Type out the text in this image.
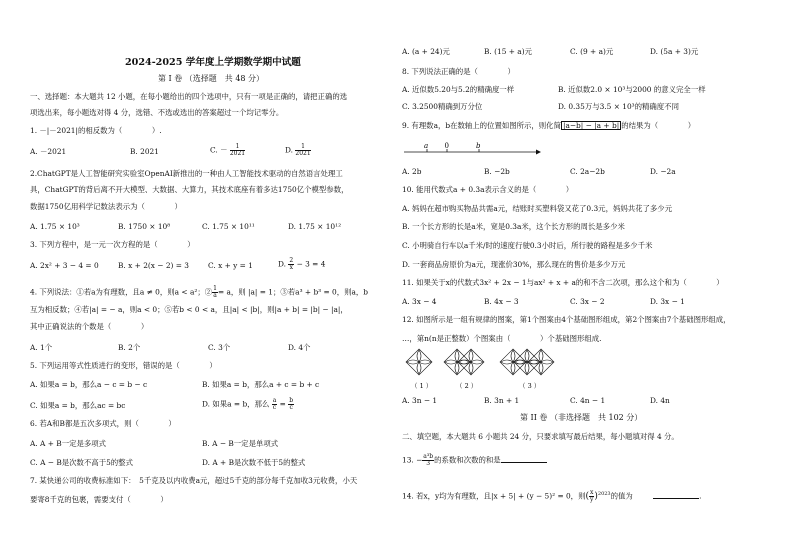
2024-2025 学年度上学期数学期中试题
第 I 卷 （选择题　共 48 分）
一、选择题：本大题共 12 小题，在每小题给出的四个选项中，只有一项是正确的，请把正确的选
项选出来，每小题选对得 4 分，选错、不选或选出的答案超过一个均记零分。
1. －|－2021|的相反数为（　　　　）.
A. －2021	B. 2021	C. － $\frac{1}{2021}$	D. $\frac{1}{2021}$
2.ChatGPT是人工智能研究实验室OpenAI新推出的一种由人工智能技术驱动的自然语言处理工
具，ChatGPT的背后离不开大模型、大数据、大算力，其技术底座有着多达1750亿个模型参数，
数据1750亿用科学记数法表示为（　　　　）
A. 1.75 × 10³	B. 1750 × 10⁸	C. 1.75 × 10¹¹	D. 1.75 × 10¹²
3. 下列方程中，是一元一次方程的是（　　　　）
A. 2x² + 3 − 4 = 0	B. x + 2(x − 2) = 3	C. x + y = 1	D. $\frac{2}{x} - 3 = 4$
4. 下列说法：①若a为有理数，且a ≠ 0，则a < a²；② $\frac{1}{a} = a$，则 |a| = 1；③若a³ + b³ = 0，则a，b
互为相反数；④若|a| = − a，则a < 0；⑤若b < 0 < a，且|a| < |b|，则|a + b| = |b| − |a|，
其中正确说法的个数是（　　　　）
A. 1个	B. 2个	C. 3个	D. 4个
5. 下列运用等式性质进行的变形，错误的是（　　　　）
A. 如果a = b，那么a − c = b − c	B. 如果a = b，那么a + c = b + c
C. 如果a = b，那么ac = bc	D. 如果a = b，那么 $\frac{a}{c} = \frac{b}{c}$
6. 若A和B都是五次多项式，则（　　　　）
A. A + B一定是多项式	B. A − B一定是单项式
C. A − B是次数不高于5的整式	D. A + B是次数不低于5的整式
7. 某快递公司的收费标准如下：　5千克及以内收费a元，超过5千克的部分每千克加收3元收费，小天
要寄8千克的包裹，需要支付（　　　　）
A. (a + 24)元	B. (15 + a)元	C. (9 + a)元	D. (5a + 3)元
8. 下列说法正确的是（　　　　）
A. 近似数5.20与5.2的精确度一样	B. 近似数2.0 × 10³与2000 的意义完全一样
C. 3.2500精确到万分位	D. 0.35万与3.5 × 10³的精确度不同
9. 有理数a，b在数轴上的位置如图所示，则化简 |a−b| − |a + b| 的结果为（　　　　）
a 0	b
A. 2b	B. −2b	C. 2a−2b	D. −2a
10. 能用代数式a + 0.3a表示含义的是（　　　　）
A. 妈妈在超市购买物品共需a元，结账时买塑料袋又花了0.3元，妈妈共花了多少元
B. 一个长方形的长是a米，宽是0.3a米，这个长方形的周长是多少米
C. 小明骑自行车以a千米/时的速度行驶0.3小时后，所行驶的路程是多少千米
D. 一套商品房原价为a元，现涨价30%，那么现在的售价是多少万元
11. 如果关于x的代数式3x² + 2x − 1与ax² + x + a的和不含二次项，那么这个和为（　　　　）
A. 3x − 4	B. 4x − 3	C. 3x − 2	D. 3x − 1
12. 如图所示是一组有规律的图案，第1个图案由4个基础图形组成，第2个图案由7个基础图形组成，
…，第n(n是正整数）个图案由（　　　　）个基础图形组成.
（ 1 ）	（ 2 ）	（ 3 ）
A. 3n − 1	B. 3n + 1	C. 4n − 1	D. 4n
第 II 卷 （非选择题　共 102 分）
二、填空题，本大题共 6 小题共 24 分，只要求填写最后结果，每小题填对得 4 分。
13. − $\frac{\text{a³b}}{3}$ 的系数和次数的和是
14. 若x，y均为有理数，且|x + 5| + (y − 5)² = 0，则( $\frac{x}{y} )^{2023}$的值为	.
